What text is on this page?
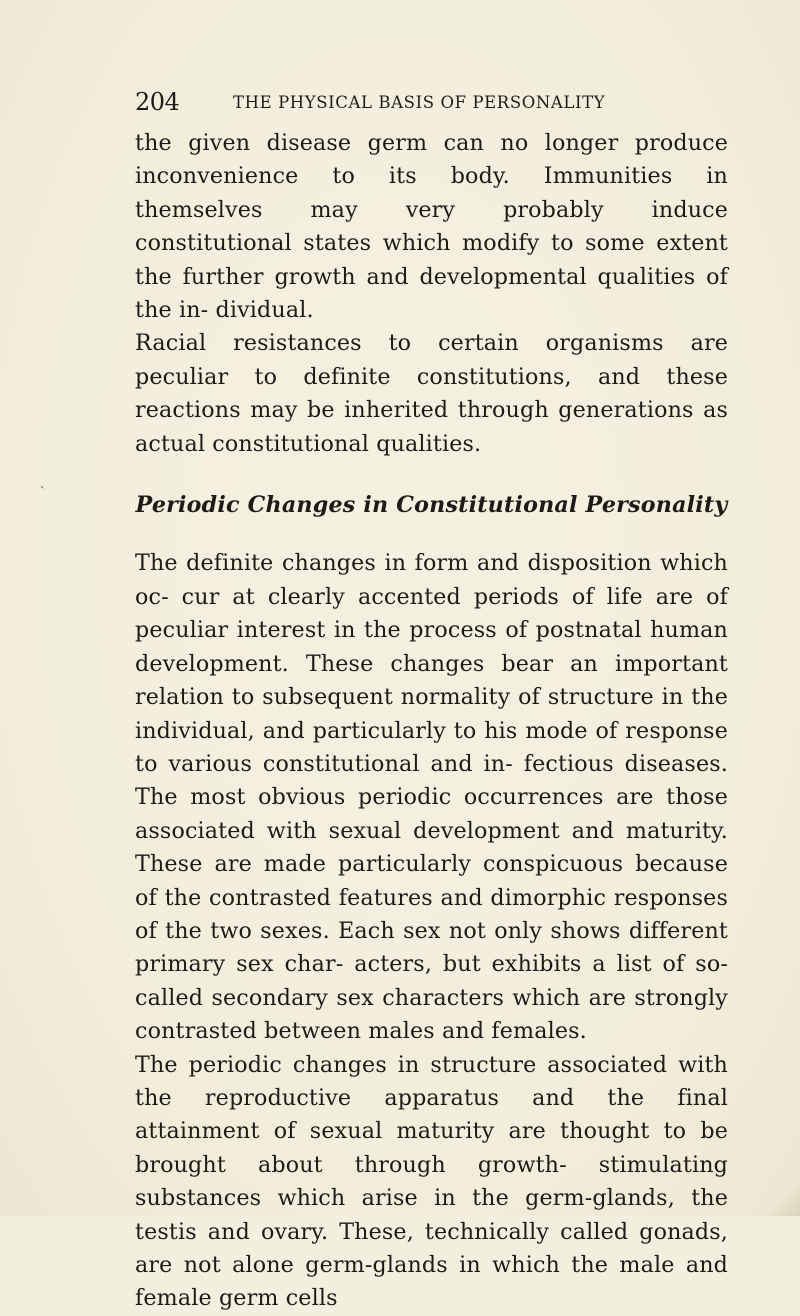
204	THE PHYSICAL BASIS OF PERSONALITY
ˏ

the given disease germ can no longer produce inconvenience to its body. Immunities in themselves may very probably induce constitutional states which modify to some extent the further growth and developmental qualities of the in- dividual.

Racial resistances to certain organisms are peculiar to definite constitutions, and these reactions may be inherited through generations as actual constitutional qualities.

Periodic Changes in Constitutional Personality

The definite changes in form and disposition which oc- cur at clearly accented periods of life are of peculiar interest in the process of postnatal human development. These changes bear an important relation to subsequent normality of structure in the individual, and particularly to his mode of response to various constitutional and in- fectious diseases. The most obvious periodic occurrences are those associated with sexual development and maturity. These are made particularly conspicuous because of the contrasted features and dimorphic responses of the two sexes. Each sex not only shows different primary sex char- acters, but exhibits a list of so-called secondary sex characters which are strongly contrasted between males and females.

The periodic changes in structure associated with the reproductive apparatus and the final attainment of sexual maturity are thought to be brought about through growth- stimulating substances which arise in the germ-glands, the testis and ovary. These, technically called gonads, are not alone germ-glands in which the male and female germ cells
